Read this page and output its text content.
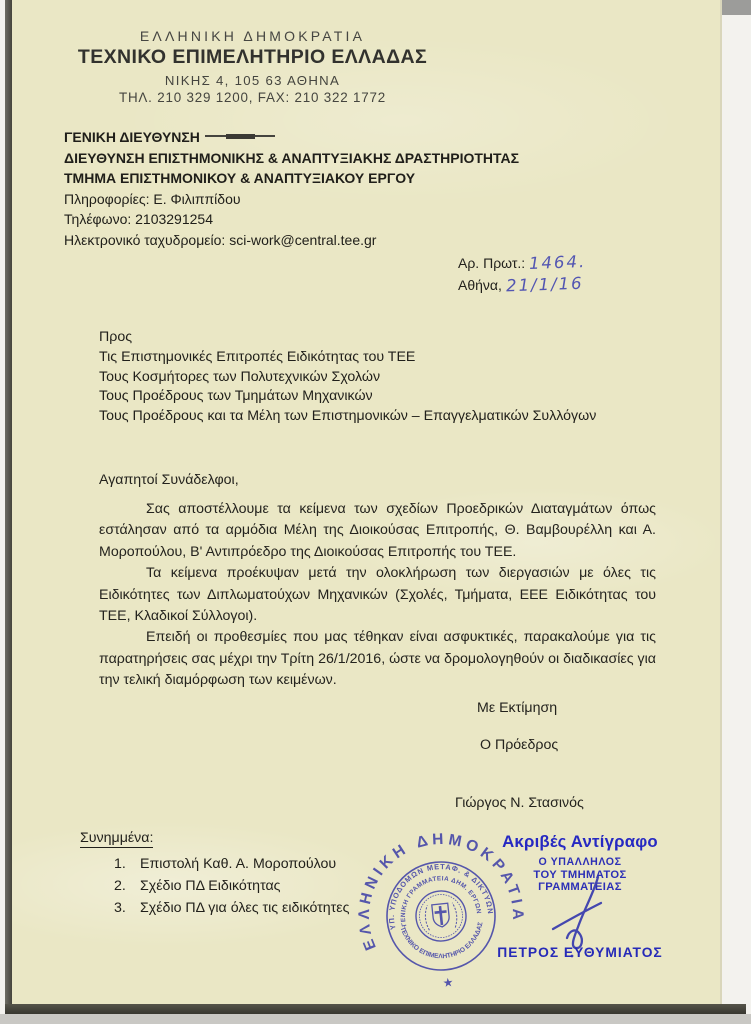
ΕΛΛΗΝΙΚΗ ΔΗΜΟΚΡΑΤΙΑ
ΤΕΧΝΙΚΟ ΕΠΙΜΕΛΗΤΗΡΙΟ ΕΛΛΑΔΑΣ
ΝΙΚΗΣ 4, 105 63 ΑΘΗΝΑ
ΤΗΛ. 210 329 1200, FAX: 210 322 1772
ΓΕΝΙΚΗ ΔΙΕΥΘΥΝΣΗ
ΔΙΕΥΘΥΝΣΗ ΕΠΙΣΤΗΜΟΝΙΚΗΣ & ΑΝΑΠΤΥΞΙΑΚΗΣ ΔΡΑΣΤΗΡΙΟΤΗΤΑΣ
ΤΜΗΜΑ ΕΠΙΣΤΗΜΟΝΙΚΟΥ & ΑΝΑΠΤΥΞΙΑΚΟΥ ΕΡΓΟΥ
Πληροφορίες: Ε. Φιλιππίδου
Τηλέφωνο: 2103291254
Ηλεκτρονικό ταχυδρομείο: sci-work@central.tee.gr
Αρ. Πρωτ.: 1464.
Αθήνα, 21/1/16
Προς
Τις Επιστημονικές Επιτροπές Ειδικότητας του ΤΕΕ
Τους Κοσμήτορες των Πολυτεχνικών Σχολών
Τους Προέδρους των Τμημάτων Μηχανικών
Τους Προέδρους και τα Μέλη των Επιστημονικών – Επαγγελματικών Συλλόγων
Αγαπητοί Συνάδελφοι,

Σας αποστέλλουμε τα κείμενα των σχεδίων Προεδρικών Διαταγμάτων όπως εστάλησαν από τα αρμόδια Μέλη της Διοικούσας Επιτροπής, Θ. Βαμβουρέλλη και Α. Μοροπούλου, Β' Αντιπρόεδρο της Διοικούσας Επιτροπής του ΤΕΕ.

Τα κείμενα προέκυψαν μετά την ολοκλήρωση των διεργασιών με όλες τις Ειδικότητες των Διπλωματούχων Μηχανικών (Σχολές, Τμήματα, ΕΕΕ Ειδικότητας του ΤΕΕ, Κλαδικοί Σύλλογοι).

Επειδή οι προθεσμίες που μας τέθηκαν είναι ασφυκτικές, παρακαλούμε για τις παρατηρήσεις σας μέχρι την Τρίτη 26/1/2016, ώστε να δρομολογηθούν οι διαδικασίες για την τελική διαμόρφωση των κειμένων.

Με Εκτίμηση
Ο Πρόεδρος
Γιώργος Ν. Στασινός
Συνημμένα:
1. Επιστολή Καθ. Α. Μοροπούλου
2. Σχέδιο ΠΔ Ειδικότητας
3. Σχέδιο ΠΔ για όλες τις ειδικότητες
ΕΛΛΗΝΙΚΗ ΔΗΜΟΚΡΑΤΙΑ
ΥΠ. ΥΠΟΔΟΜΩΝ ΜΕΤΑΦ. & ΔΙΚΤΥΩΝ
ΓΕΝΙΚΗ ΓΡΑΜΜΑΤΕΙΑ ΔΗΜ. ΕΡΓΩΝ
ΤΕΧΝΙΚΟ ΕΠΙΜΕΛΗΤΗΡΙΟ ΕΛΛΑΔΑΣ
★
Ακριβές Αντίγραφο
Ο ΥΠΑΛΛΗΛΟΣ
ΤΟΥ ΤΜΗΜΑΤΟΣ ΓΡΑΜΜΑΤΕΙΑΣ
ΠΕΤΡΟΣ ΕΥΘΥΜΙΑΤΟΣ
